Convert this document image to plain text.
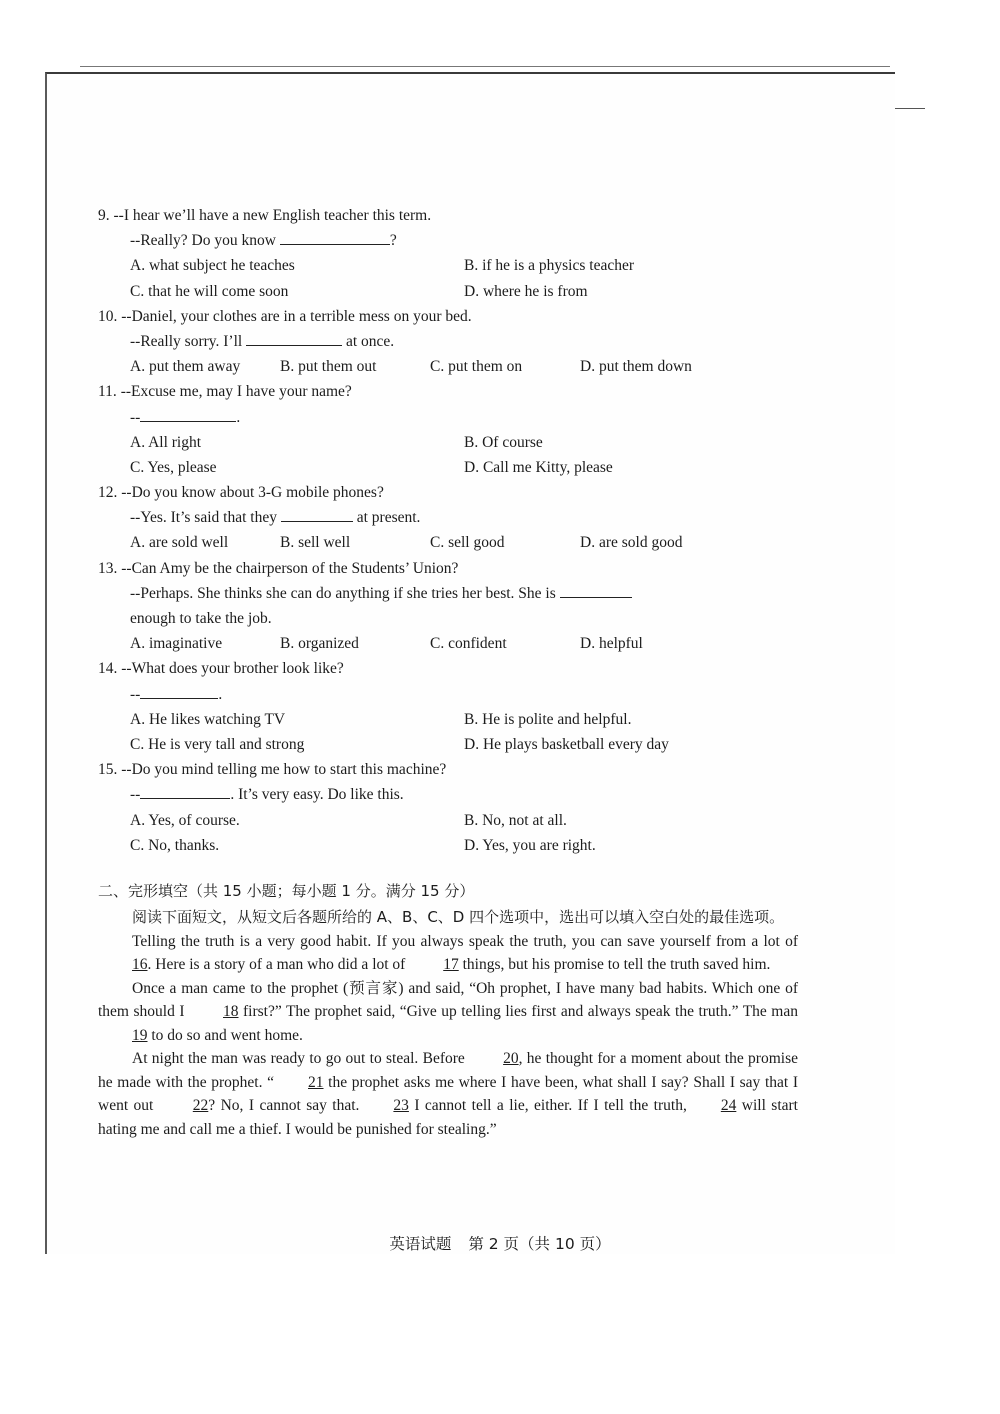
9. --I hear we’ll have a new English teacher this term.
--Really? Do you know	?
A. what subject he teaches	B. if he is a physics teacher
C. that he will come soon	D. where he is from
10. --Daniel, your clothes are in a terrible mess on your bed.
--Really sorry. I’ll	at once.
A. put them away	B. put them out	C. put them on	D. put them down
11. --Excuse me, may I have your name?
--	.
A. All right	B. Of course
C. Yes, please	D. Call me Kitty, please
12. --Do you know about 3-G mobile phones?
--Yes. It’s said that they	at present.
A. are sold well	B. sell well	C. sell good	D. are sold good
13. --Can Amy be the chairperson of the Students’ Union?
--Perhaps. She thinks she can do anything if she tries her best. She is
enough to take the job.
A. imaginative	B. organized	C. confident	D. helpful
14. --What does your brother look like?
--	.
A. He likes watching TV	B. He is polite and helpful.
C. He is very tall and strong	D. He plays basketball every day
15. --Do you mind telling me how to start this machine?
--	. It’s very easy. Do like this.
A. Yes, of course.	B. No, not at all.
C. No, thanks.	D. Yes, you are right.
二、完形填空（共 15 小题；每小题 1 分。满分 15 分）
阅读下面短文，从短文后各题所给的 A、B、C、D 四个选项中，选出可以填入空白处的最佳选项。

Telling the truth is a very good habit. If you always speak the truth, you can save yourself from a lot of 16. Here is a story of a man who did a lot of 17 things, but his promise to tell the truth saved him.

Once a man came to the prophet (预言家) and said, “Oh prophet, I have many bad habits. Which one of them should I 18 first?” The prophet said, “Give up telling lies first and always speak the truth.” The man 19 to do so and went home.

At night the man was ready to go out to steal. Before 20, he thought for a moment about the promise he made with the prophet. “ 21 the prophet asks me where I have been, what shall I say? Shall I say that I went out 22? No, I cannot say that. 23 I cannot tell a lie, either. If I tell the truth, 24 will start hating me and call me a thief. I would be punished for stealing.”

英语试题 第 2 页（共 10 页）
